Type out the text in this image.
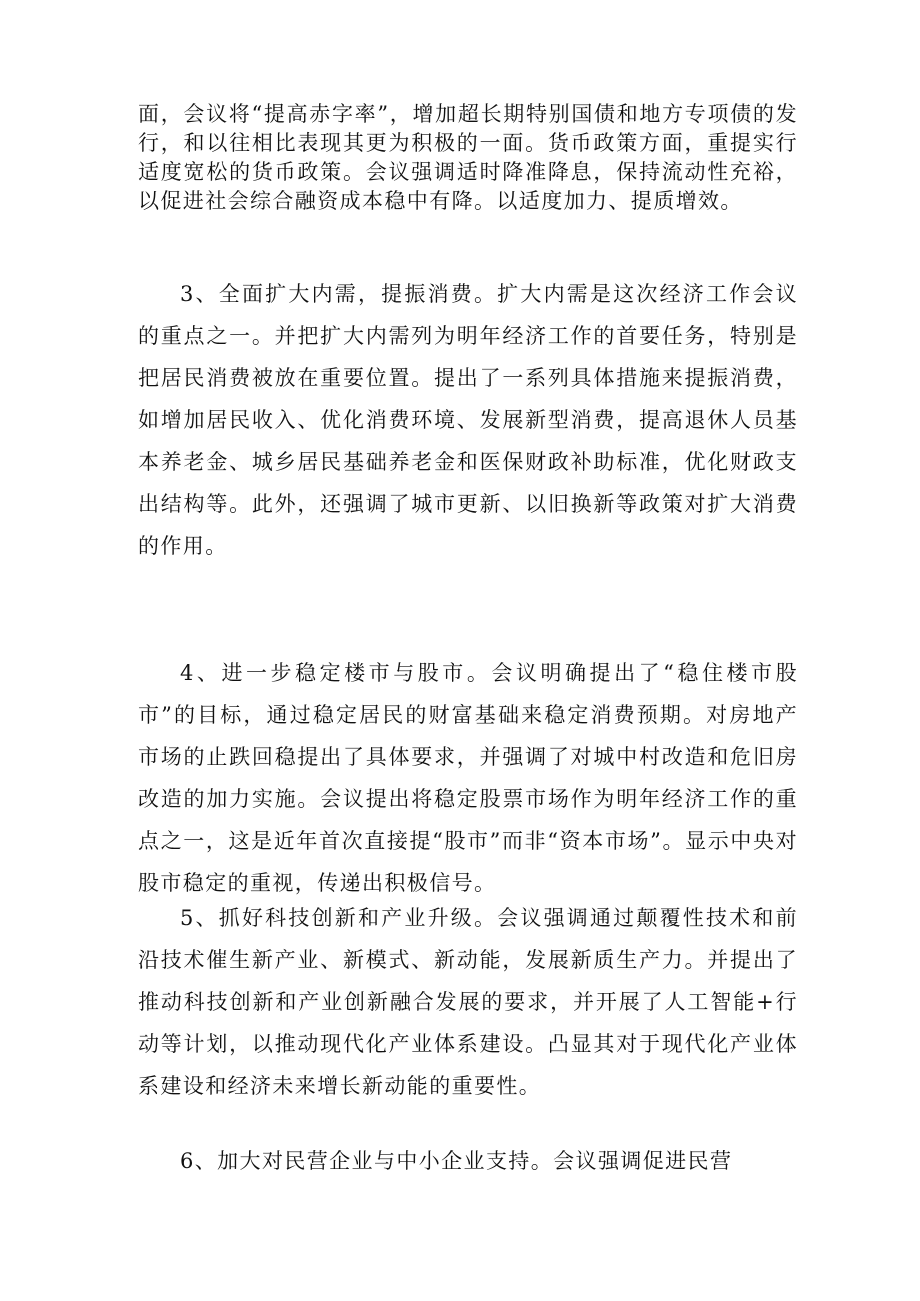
面，会议将“提高赤字率”，增加超长期特别国债和地方专项债的发行，和以往相比表现其更为积极的一面。货币政策方面，重提实行适度宽松的货币政策。会议强调适时降准降息，保持流动性充裕，以促进社会综合融资成本稳中有降。以适度加力、提质增效。

3、全面扩大内需，提振消费。扩大内需是这次经济工作会议的重点之一。并把扩大内需列为明年经济工作的首要任务，特别是把居民消费被放在重要位置。提出了一系列具体措施来提振消费，如增加居民收入、优化消费环境、发展新型消费，提高退休人员基本养老金、城乡居民基础养老金和医保财政补助标准，优化财政支出结构等。此外，还强调了城市更新、以旧换新等政策对扩大消费的作用。

4、进一步稳定楼市与股市。会议明确提出了“稳住楼市股市”的目标，通过稳定居民的财富基础来稳定消费预期。对房地产市场的止跌回稳提出了具体要求，并强调了对城中村改造和危旧房改造的加力实施。会议提出将稳定股票市场作为明年经济工作的重点之一，这是近年首次直接提“股市”而非“资本市场”。显示中央对股市稳定的重视，传递出积极信号。

5、抓好科技创新和产业升级。会议强调通过颠覆性技术和前沿技术催生新产业、新模式、新动能，发展新质生产力。并提出了推动科技创新和产业创新融合发展的要求，并开展了人工智能+行动等计划，以推动现代化产业体系建设。凸显其对于现代化产业体系建设和经济未来增长新动能的重要性。

6、加大对民营企业与中小企业支持。会议强调促进民营
